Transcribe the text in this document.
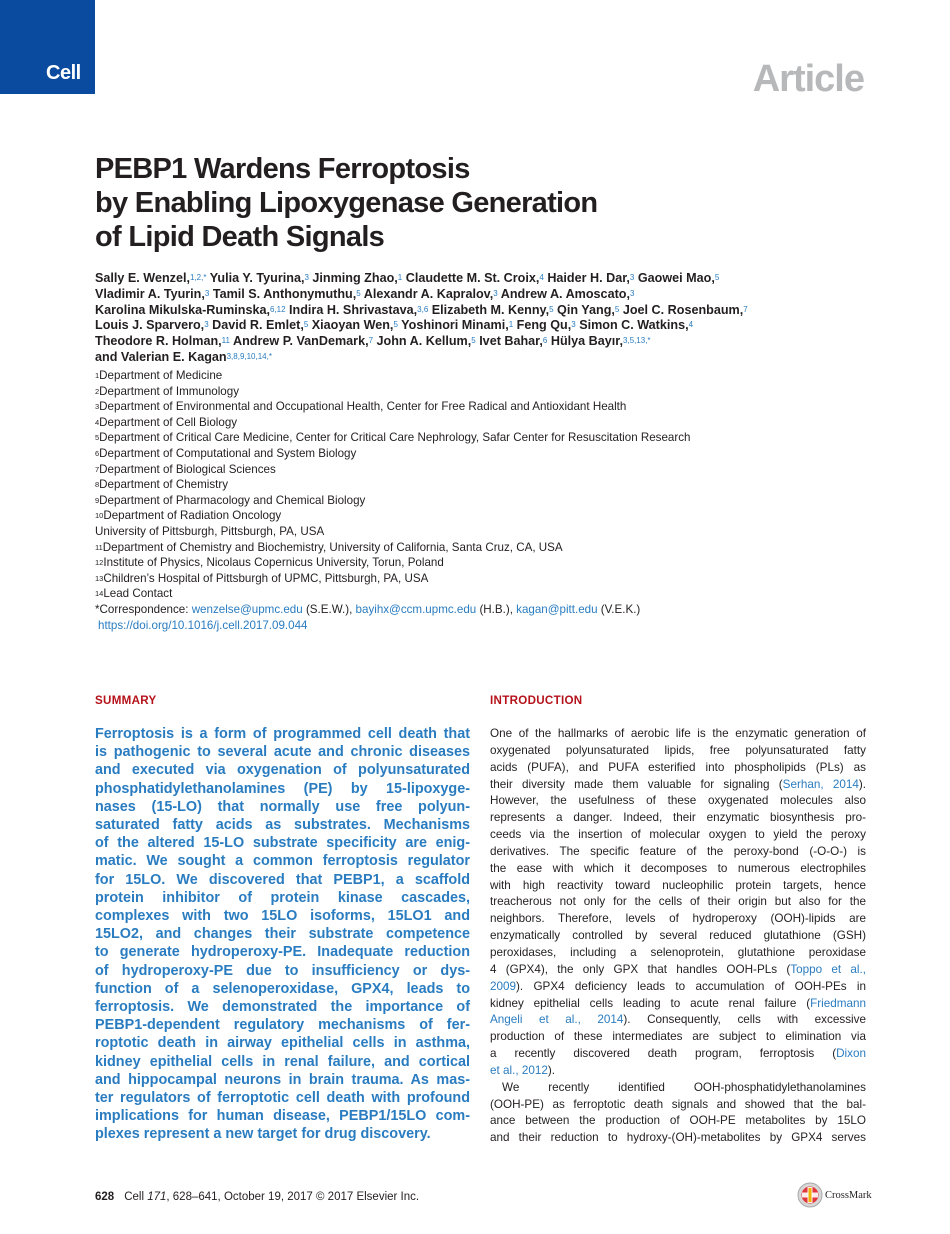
Cell	Article
PEBP1 Wardens Ferroptosis
by Enabling Lipoxygenase Generation
of Lipid Death Signals
Sally E. Wenzel,$^{1,2,*}$ Yulia Y. Tyurina,$^3$ Jinming Zhao,$^1$ Claudette M. St. Croix,$^4$ Haider H. Dar,$^3$ Gaowei Mao,$^5$
Vladimir A. Tyurin,$^3$ Tamil S. Anthonymuthu,$^5$ Alexandr A. Kapralov,$^3$ Andrew A. Amoscato,$^3$
Karolina Mikulska-Ruminska,$^{6,12}$ Indira H. Shrivastava,$^{3,6}$ Elizabeth M. Kenny,$^5$ Qin Yang,$^5$ Joel C. Rosenbaum,$^7$
Louis J. Sparvero,$^3$ David R. Emlet,$^5$ Xiaoyan Wen,$^5$ Yoshinori Minami,$^1$ Feng Qu,$^3$ Simon C. Watkins,$^4$
Theodore R. Holman,$^{11}$ Andrew P. VanDemark,$^7$ John A. Kellum,$^5$ Ivet Bahar,$^6$ Hülya Bayır,$^{3,5,13,*}$
and Valerian E. Kagan$^{3,8,9,10,14,*}$
$^1$Department of Medicine
$^2$Department of Immunology
$^3$Department of Environmental and Occupational Health, Center for Free Radical and Antioxidant Health
$^4$Department of Cell Biology
$^5$Department of Critical Care Medicine, Center for Critical Care Nephrology, Safar Center for Resuscitation Research
$^6$Department of Computational and System Biology
$^7$Department of Biological Sciences
$^8$Department of Chemistry
$^9$Department of Pharmacology and Chemical Biology
$^{10}$Department of Radiation Oncology
University of Pittsburgh, Pittsburgh, PA, USA
$^{11}$Department of Chemistry and Biochemistry, University of California, Santa Cruz, CA, USA
$^{12}$Institute of Physics, Nicolaus Copernicus University, Torun, Poland
$^{13}$Children’s Hospital of Pittsburgh of UPMC, Pittsburgh, PA, USA
$^{14}$Lead Contact
*Correspondence: wenzelse@upmc.edu (S.E.W.), bayihx@ccm.upmc.edu (H.B.), kagan@pitt.edu (V.E.K.)
https://doi.org/10.1016/j.cell.2017.09.044
SUMMARY
Ferroptosis is a form of programmed cell death that
is pathogenic to several acute and chronic diseases
and executed via oxygenation of polyunsaturated
phosphatidylethanolamines (PE) by 15-lipoxyge-
nases (15-LO) that normally use free polyun-
saturated fatty acids as substrates. Mechanisms
of the altered 15-LO substrate specificity are enig-
matic. We sought a common ferroptosis regulator
for 15LO. We discovered that PEBP1, a scaffold
protein inhibitor of protein kinase cascades,
complexes with two 15LO isoforms, 15LO1 and
15LO2, and changes their substrate competence
to generate hydroperoxy-PE. Inadequate reduction
of hydroperoxy-PE due to insufficiency or dys-
function of a selenoperoxidase, GPX4, leads to
ferroptosis. We demonstrated the importance of
PEBP1-dependent regulatory mechanisms of fer-
roptotic death in airway epithelial cells in asthma,
kidney epithelial cells in renal failure, and cortical
and hippocampal neurons in brain trauma. As mas-
ter regulators of ferroptotic cell death with profound
implications for human disease, PEBP1/15LO com-
plexes represent a new target for drug discovery.
INTRODUCTION
One of the hallmarks of aerobic life is the enzymatic generation of
oxygenated polyunsaturated lipids, free polyunsaturated fatty
acids (PUFA), and PUFA esterified into phospholipids (PLs) as
their diversity made them valuable for signaling (Serhan, 2014).
However, the usefulness of these oxygenated molecules also
represents a danger. Indeed, their enzymatic biosynthesis pro-
ceeds via the insertion of molecular oxygen to yield the peroxy
derivatives. The specific feature of the peroxy-bond (-O-O-) is
the ease with which it decomposes to numerous electrophiles
with high reactivity toward nucleophilic protein targets, hence
treacherous not only for the cells of their origin but also for the
neighbors. Therefore, levels of hydroperoxy (OOH)-lipids are
enzymatically controlled by several reduced glutathione (GSH)
peroxidases, including a selenoprotein, glutathione peroxidase
4 (GPX4), the only GPX that handles OOH-PLs (Toppo et al.,
2009). GPX4 deficiency leads to accumulation of OOH-PEs in
kidney epithelial cells leading to acute renal failure (Friedmann
Angeli et al., 2014). Consequently, cells with excessive
production of these intermediates are subject to elimination via
a recently discovered death program, ferroptosis (Dixon
et al., 2012).
We recently identified OOH-phosphatidylethanolamines
(OOH-PE) as ferroptotic death signals and showed that the bal-
ance between the production of OOH-PE metabolites by 15LO
and their reduction to hydroxy-(OH)-metabolites by GPX4 serves
628 Cell 171, 628–641, October 19, 2017 © 2017 Elsevier Inc.	CrossMark
